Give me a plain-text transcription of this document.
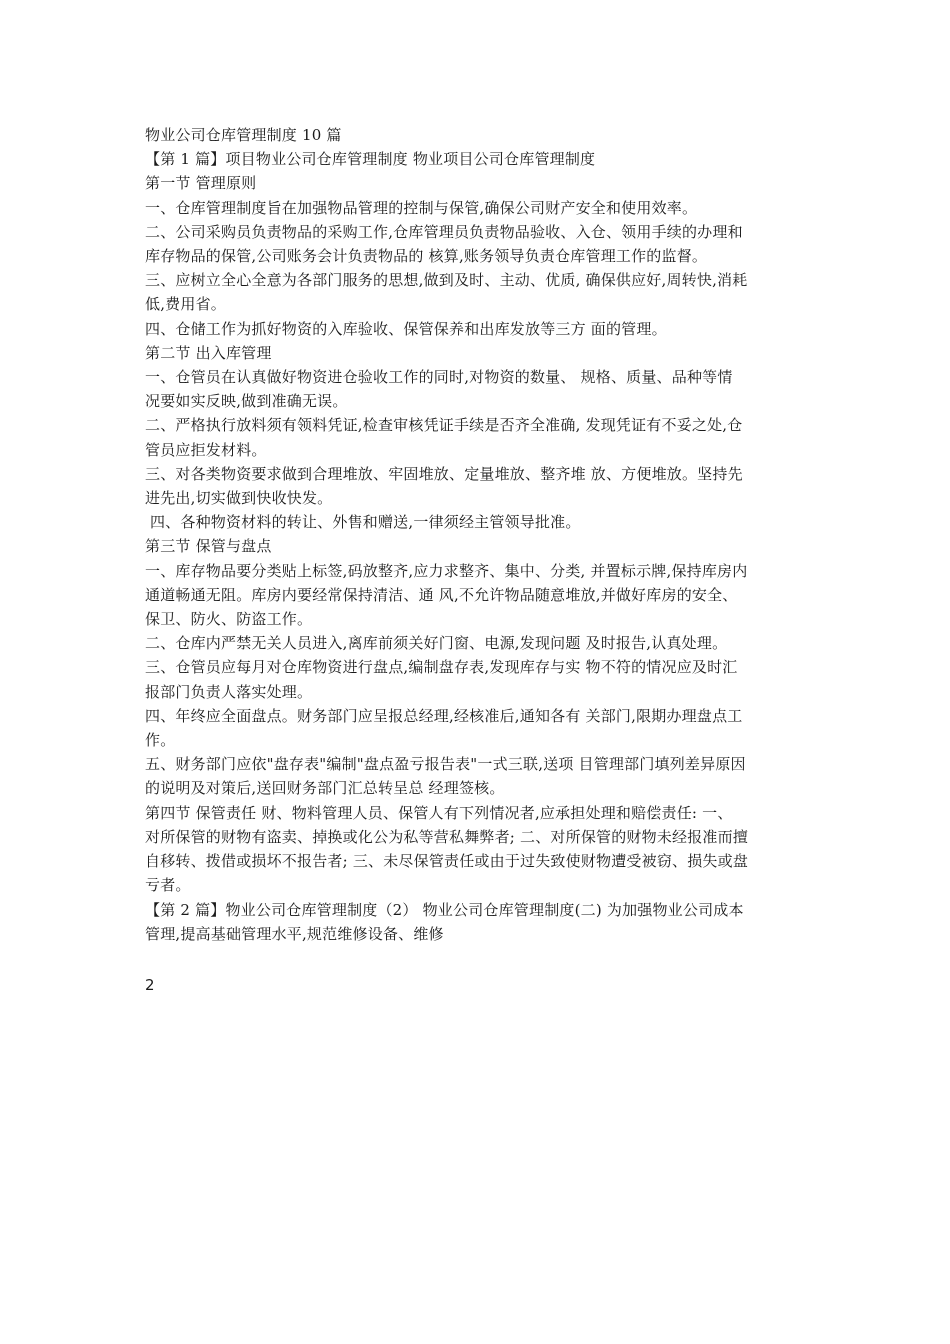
物业公司仓库管理制度 10 篇

【第 1 篇】项目物业公司仓库管理制度 物业项目公司仓库管理制度

第一节 管理原则

一、仓库管理制度旨在加强物品管理的控制与保管,确保公司财产安全和使用效率。

二、公司采购员负责物品的采购工作,仓库管理员负责物品验收、入仓、领用手续的办理和

库存物品的保管,公司账务会计负责物品的 核算,账务领导负责仓库管理工作的监督。

三、应树立全心全意为各部门服务的思想,做到及时、主动、优质, 确保供应好,周转快,消耗

低,费用省。

四、仓储工作为抓好物资的入库验收、保管保养和出库发放等三方 面的管理。

第二节 出入库管理

一、仓管员在认真做好物资进仓验收工作的同时,对物资的数量、 规格、质量、品种等情

况要如实反映,做到准确无误。

二、严格执行放料须有领料凭证,检查审核凭证手续是否齐全准确, 发现凭证有不妥之处,仓

管员应拒发材料。

三、对各类物资要求做到合理堆放、牢固堆放、定量堆放、整齐堆 放、方便堆放。坚持先

进先出,切实做到快收快发。

四、各种物资材料的转让、外售和赠送,一律须经主管领导批准。

第三节 保管与盘点

一、库存物品要分类贴上标签,码放整齐,应力求整齐、集中、分类, 并置标示牌,保持库房内

通道畅通无阻。库房内要经常保持清洁、通 风,不允许物品随意堆放,并做好库房的安全、

保卫、防火、防盗工作。

二、仓库内严禁无关人员进入,离库前须关好门窗、电源,发现问题 及时报告,认真处理。

三、仓管员应每月对仓库物资进行盘点,编制盘存表,发现库存与实 物不符的情况应及时汇

报部门负责人落实处理。

四、年终应全面盘点。财务部门应呈报总经理,经核准后,通知各有 关部门,限期办理盘点工

作。

五、财务部门应依"盘存表"编制"盘点盈亏报告表"一式三联,送项 目管理部门填列差异原因

的说明及对策后,送回财务部门汇总转呈总 经理签核。

第四节 保管责任 财、物料管理人员、保管人有下列情况者,应承担处理和赔偿责任: 一、

对所保管的财物有盗卖、掉换或化公为私等营私舞弊者; 二、对所保管的财物未经报准而擅

自移转、拨借或损坏不报告者; 三、未尽保管责任或由于过失致使财物遭受被窃、损失或盘

亏者。

【第 2 篇】物业公司仓库管理制度（2） 物业公司仓库管理制度(二) 为加强物业公司成本

管理,提高基础管理水平,规范维修设备、维修

2
